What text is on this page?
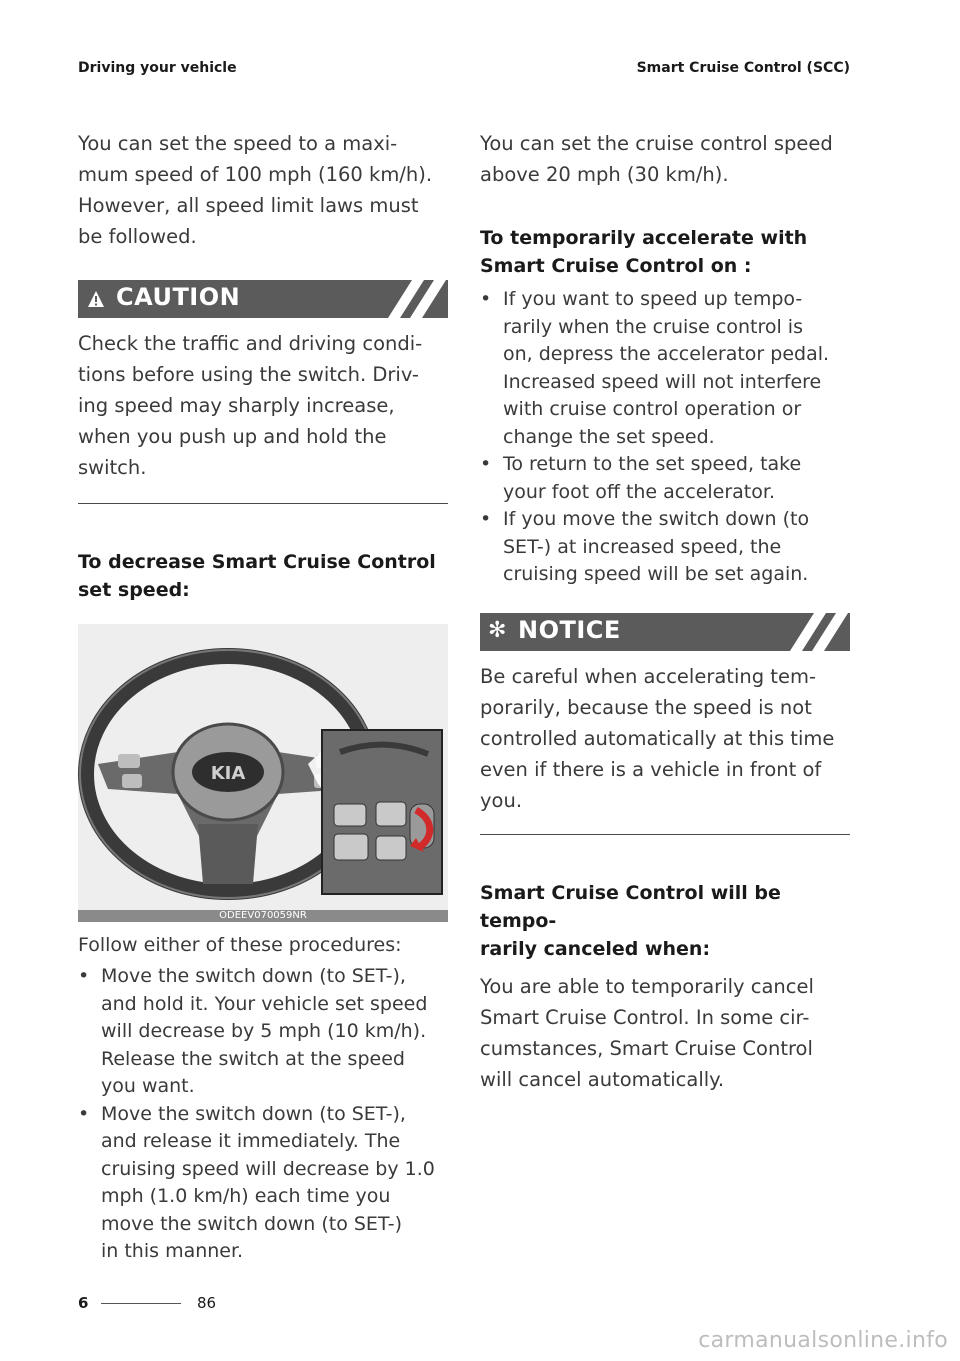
Driving your vehicle	Smart Cruise Control (SCC)

You can set the speed to a maxi-
mum speed of 100 mph (160 km/h).
However, all speed limit laws must
be followed.

CAUTION

Check the traffic and driving condi-
tions before using the switch. Driv-
ing speed may sharply increase,
when you push up and hold the
switch.

To decrease Smart Cruise Control
set speed:

KIA
ODEEV070059NR

Follow either of these procedures:

• Move the switch down (to SET-),
and hold it. Your vehicle set speed
will decrease by 5 mph (10 km/h).
Release the switch at the speed
you want.
• Move the switch down (to SET-),
and release it immediately. The
cruising speed will decrease by 1.0
mph (1.0 km/h) each time you
move the switch down (to SET-)
in this manner.

You can set the cruise control speed
above 20 mph (30 km/h).

To temporarily accelerate with
Smart Cruise Control on :

• If you want to speed up tempo-
rarily when the cruise control is
on, depress the accelerator pedal.
Increased speed will not interfere
with cruise control operation or
change the set speed.
• To return to the set speed, take
your foot off the accelerator.
• If you move the switch down (to
SET-) at increased speed, the
cruising speed will be set again.
✻ NOTICE

Be careful when accelerating tem-
porarily, because the speed is not
controlled automatically at this time
even if there is a vehicle in front of
you.

Smart Cruise Control will be tempo-
rarily canceled when:

You are able to temporarily cancel
Smart Cruise Control. In some cir-
cumstances, Smart Cruise Control
will cancel automatically.

6	86
carmanualsonline.info
